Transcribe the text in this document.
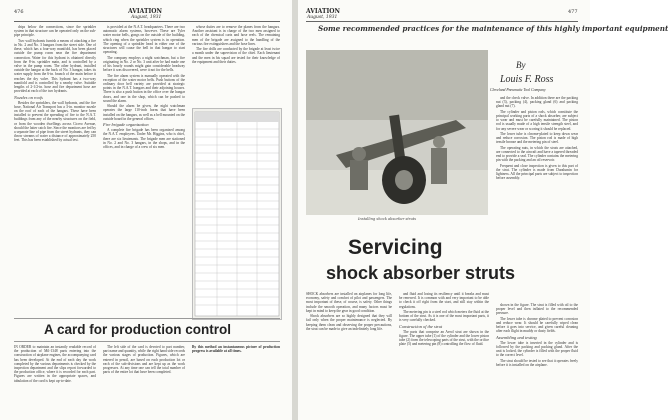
476	AVIATION
August, 1931

drips below the connections, since the sprinkler system in that structure can be operated only on the sub-pipe principle.

Two wall hydrants furnish a means of attacking a fire in No. 2 and No. 3 hangars from the street side. One of these, which has a four-way manifold, has been placed outside the pump room near the fire department connection. Water for this hydrant is obtained directly from the 8-in. sprinkler main, and is controlled by a valve in the pump room. The other hydrant, installed outside the hangar at the back of No. 3 hangar, takes its water supply from the 6-in. branch of the main before it reaches the dry valve. This hydrant has a two-way manifold and is controlled by a nearby valve. Suitable lengths of 2-1/2-in. hose and fire department hose are provided at each of the two hydrants.

Nozzles on roofs

Besides the sprinklers, the wall hydrants, and the fire hose, National Air Transport has a 3-in. monitor nozzle on the roof of each of the hangars. These have been installed to prevent the spreading of fire to the N.A.T. buildings from any of the nearby structures on the field, or from the wooden dwellings across Cicero Avenue, should the latter catch fire. Since the monitors are fed by a separate line of pipe from the street hydrants, they can throw streams of water a distance of approximately 250 feet. This has been established by actual test.

is provided at the N.A.T. headquarters. There are two automatic alarm systems, however. These are Tyler water motor bells, gongs on the outside of the building, which ring when the sprinkler system is in operation. The opening of a sprinkler head in either one of the structures will cause the bell in that hangar to start operating.

The company employs a night watchman, but a fire originating in No. 2 or No. 3 unit after he had made one of his hourly rounds might gain considerable headway before it was discovered, were it not for the bells.

The fire alarm system is manually operated with the exception of the water motor bells. Push buttons of the ordinary door bell variety are provided at strategic points in the N.A.T. hangars and their adjoining houses. There is also a push button in the office over the hangar doors, and one in the shop, which can be pushed to sound the alarm.

Should the alarm be given, the night watchman operates the large 110-inch horns that have been installed on the hangars, as well as a bell mounted on the outside board in the general offices.

Fire brigade organization

A complete fire brigade has been organized among the N.A.T. employees. Under Mr. Higgins, who is chief, there are six lieutenants. The brigade men are stationed in No. 2 and No. 3 hangars, in the shops, and in the offices, and in charge of a crew of six men.

whose duties are to remove the planes from the hangars. Another assistant is in charge of the two men assigned to each of the chemical carts and hose reels. The remaining men of the brigade are assigned to the handling of the various fire extinguishers and the hose lines.

The fire drills are conducted by the brigade at least twice a month under the supervision of the chief. Each lieutenant and the men in his squad are tested for their knowledge of the equipment and their duties.

A card for production control

IN ORDER to maintain an instantly readable record of the production of Mil-1348 parts entering into the construction of airplane engines, the accompanying card has been developed. At the end of each day the work completed by the various departments is checked by the inspection department and the slips report forwarded to the production office, where it is recorded for each part. Figures are written in the appropriate spaces, and tabulation of the card is kept up-to-date.

The left side of the card is devoted to part number, part name and quantity, while the right hand side records the various stages of production. Figures, which are entered in pencil, are based on each production lot or each of the sub-divisions and are kept up as the work progresses. At any time one can tell the total number of parts of the entire lot that have been completed.

By this method an instantaneous picture of production progress is available at all times.

AVIATION
August, 1931
477
Some recommended practices for the maintenance of this highly important equipment
By
Louis F. Ross
Cleveland Pneumatic Tool Company

and the check valve. In addition there are the packing nut (3), packing (4), packing gland (6) and packing gland nut (7).

The cylinder and piston rods, which constitute the principal working parts of a shock absorber, are subject to wear and must be carefully maintained. The piston rod is usually made of a high tensile strength steel, and for any severe wear or scoring it should be replaced.

The lower tube is chrome-plated to keep down wear and reduce corrosion. The piston rod is made of high tensile bronze and the metering pin of steel.

The operating nuts, in which the struts are attached, are connected to the aircraft and have a tapered threaded end to provide a seal. The cylinder contains the metering pin with the packing and an oil reservoir.

Frequent and close inspection is given to this part of the strut. The cylinder is made from Duralumin for lightness. All the principal parts are subject to inspection before assembly.

Installing shock absorber struts
Servicing
shock absorber struts

SHOCK absorbers are installed on airplanes for long life, economy, safety and comfort of pilot and passengers. The most important of these, of course, is safety. Other things include the smooth operation, and many factors must be kept in mind to keep the gear in good condition.

Shock absorbers are so highly designed that they will fail only when the proper maintenance is neglected. By keeping them clean and observing the proper precautions, the strut can be made to give an indefinitely long life.

and fluid and losing its resiliency until it breaks and must be renewed. It is common with and very important to be able to check it off right from the start, and still stay within the regulations.

The metering pin is a steel rod which meters the fluid at the bottom of the strut. As it is one of the most important parts, it is very carefully checked.

Construction of the strut

The parts that comprise an Aerol strut are shown in the figure. The upper tube (1) of the cylinder and the lower piston tube (2) form the telescoping parts of the strut, with the orifice plate (5) and metering pin (8) controlling the flow of fluid.

shown in the figure. The strut is filled with oil to the proper level and then inflated to the recommended pressure.

The lower tube is chrome plated to prevent corrosion and reduce wear. It should be carefully wiped clean before it goes into service, and given careful cleaning after each flight in muddy or dusty fields.

Assembling and testing

The lower tube is inserted in the cylinder and is followed by the packing and packing gland. After the unit is locked, the cylinder is filled with the proper fluid to the correct level.

The strut should be tested to see that it operates freely before it is installed on the airplane.
